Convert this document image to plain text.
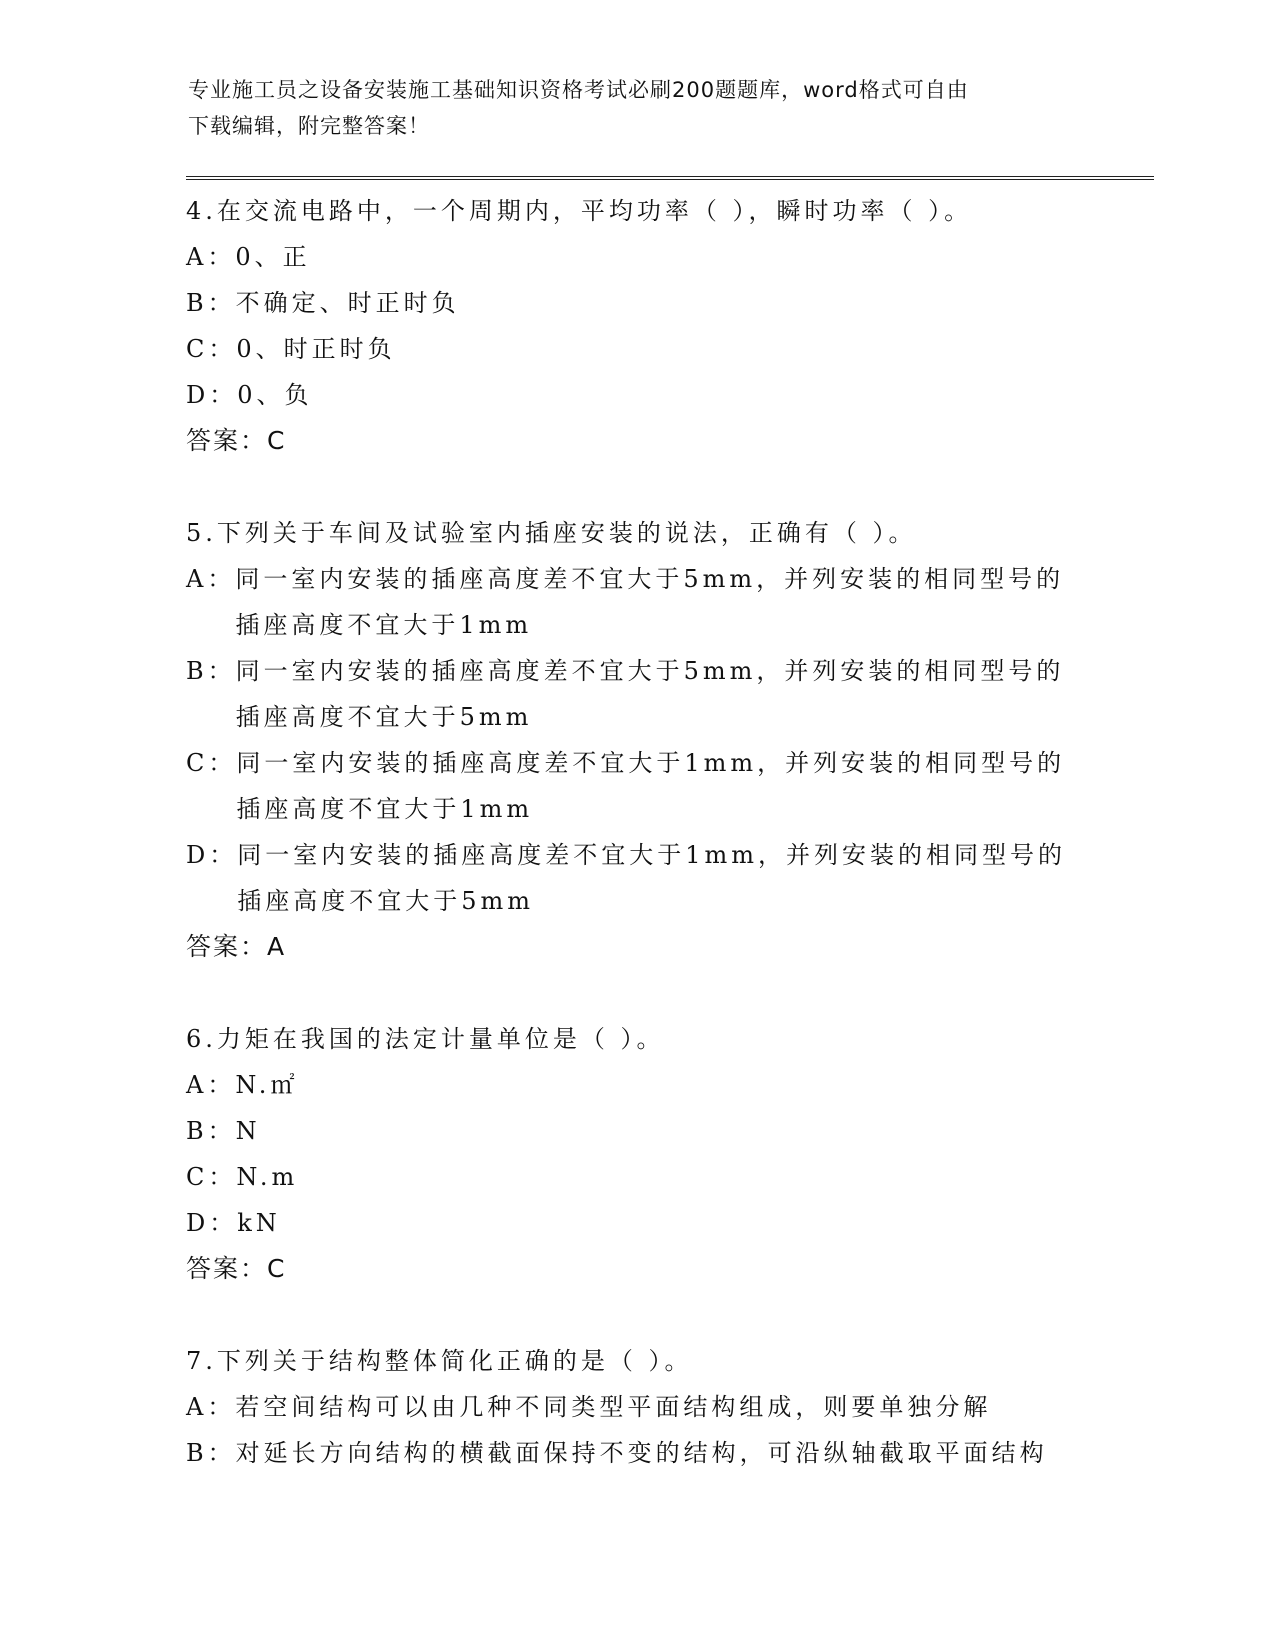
专业施工员之设备安装施工基础知识资格考试必刷200题题库，word格式可自由
下载编辑，附完整答案！
4.在交流电路中，一个周期内，平均功率（ ），瞬时功率（ ）。
A： 0、正
B： 不确定、时正时负
C： 0、时正时负
D： 0、负
答案：C
5.下列关于车间及试验室内插座安装的说法，正确有（ ）。
A： 同一室内安装的插座高度差不宜大于5mm，并列安装的相同型号的
插座高度不宜大于1mm
B： 同一室内安装的插座高度差不宜大于5mm，并列安装的相同型号的
插座高度不宜大于5mm
C： 同一室内安装的插座高度差不宜大于1mm，并列安装的相同型号的
插座高度不宜大于1mm
D： 同一室内安装的插座高度差不宜大于1mm，并列安装的相同型号的
插座高度不宜大于5mm
答案：A
6.力矩在我国的法定计量单位是（ ）。
A： N.㎡
B： N
C： N.m
D： kN
答案：C
7.下列关于结构整体简化正确的是（ ）。
A： 若空间结构可以由几种不同类型平面结构组成，则要单独分解
B： 对延长方向结构的横截面保持不变的结构，可沿纵轴截取平面结构
